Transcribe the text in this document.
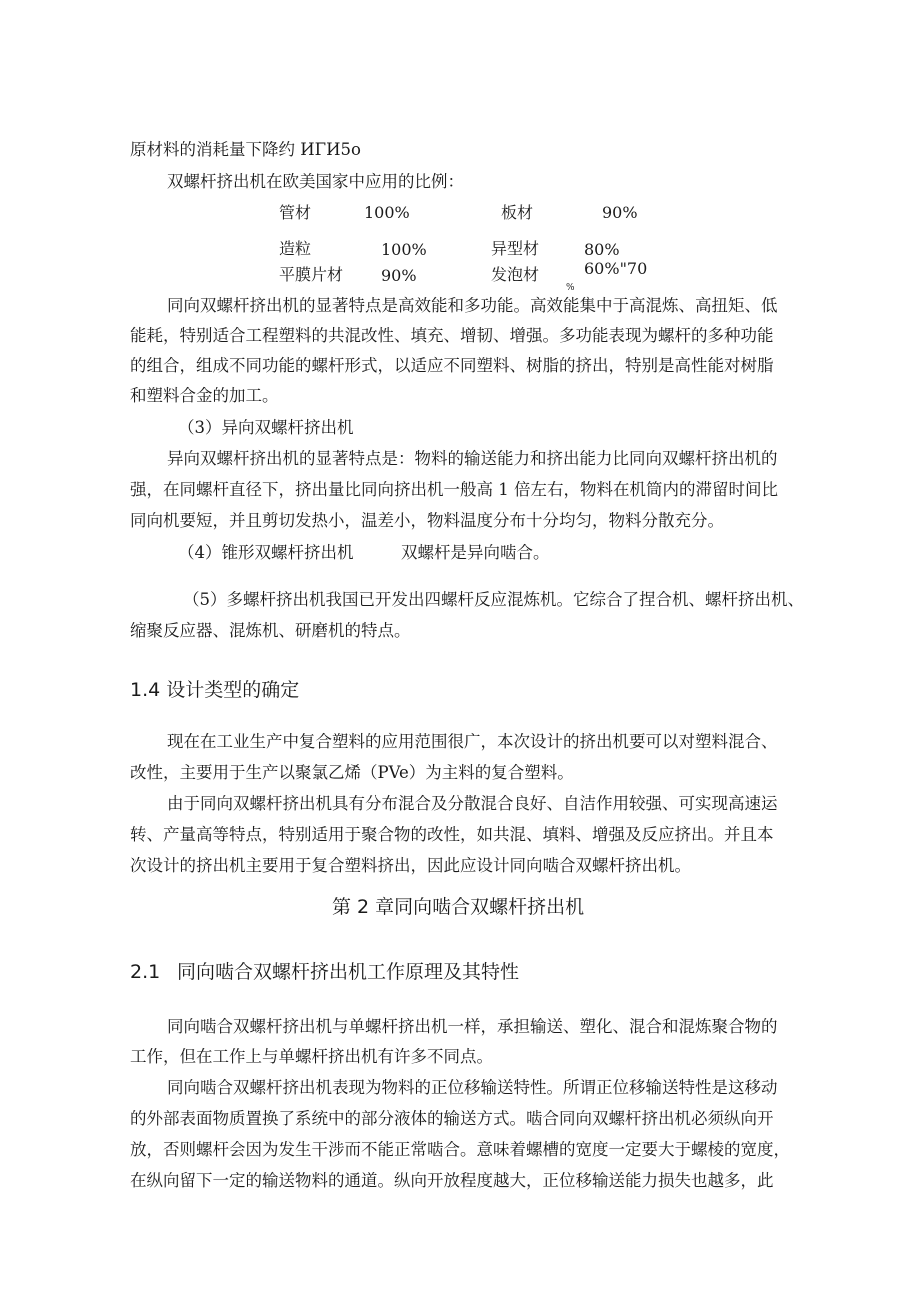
原材料的消耗量下降约 ИΓИ5o
双螺杆挤出机在欧美国家中应用的比例：
管材	100%	板材	90%
造粒	100%	异型材	80%
平膜片材 90%	发泡材	60%"70
%
同向双螺杆挤出机的显著特点是高效能和多功能。高效能集中于高混炼、高扭矩、低
能耗，特别适合工程塑料的共混改性、填充、增韧、增强。多功能表现为螺杆的多种功能
的组合，组成不同功能的螺杆形式，以适应不同塑料、树脂的挤出，特别是高性能对树脂
和塑料合金的加工。
（3）异向双螺杆挤出机
异向双螺杆挤出机的显著特点是：物料的输送能力和挤出能力比同向双螺杆挤出机的
强，在同螺杆直径下，挤出量比同向挤出机一般高 1 倍左右，物料在机筒内的滞留时间比
同向机要短，并且剪切发热小，温差小，物料温度分布十分均匀，物料分散充分。
（4）锥形双螺杆挤出机	双螺杆是异向啮合。
（5）多螺杆挤出机我国已开发出四螺杆反应混炼机。它综合了捏合机、螺杆挤出机、
缩聚反应器、混炼机、研磨机的特点。
1.4 设计类型的确定
现在在工业生产中复合塑料的应用范围很广，本次设计的挤出机要可以对塑料混合、
改性，主要用于生产以聚氯乙烯（PVe）为主料的复合塑料。
由于同向双螺杆挤出机具有分布混合及分散混合良好、自洁作用较强、可实现高速运
转、产量高等特点，特别适用于聚合物的改性，如共混、填料、增强及反应挤出。并且本
次设计的挤出机主要用于复合塑料挤出，因此应设计同向啮合双螺杆挤出机。
第 2 章同向啮合双螺杆挤出机
2.1 同向啮合双螺杆挤出机工作原理及其特性
同向啮合双螺杆挤出机与单螺杆挤出机一样，承担输送、塑化、混合和混炼聚合物的
工作，但在工作上与单螺杆挤出机有许多不同点。
同向啮合双螺杆挤出机表现为物料的正位移输送特性。所谓正位移输送特性是这移动
的外部表面物质置换了系统中的部分液体的输送方式。啮合同向双螺杆挤出机必须纵向开
放，否则螺杆会因为发生干涉而不能正常啮合。意味着螺槽的宽度一定要大于螺棱的宽度，
在纵向留下一定的输送物料的通道。纵向开放程度越大，正位移输送能力损失也越多，此
